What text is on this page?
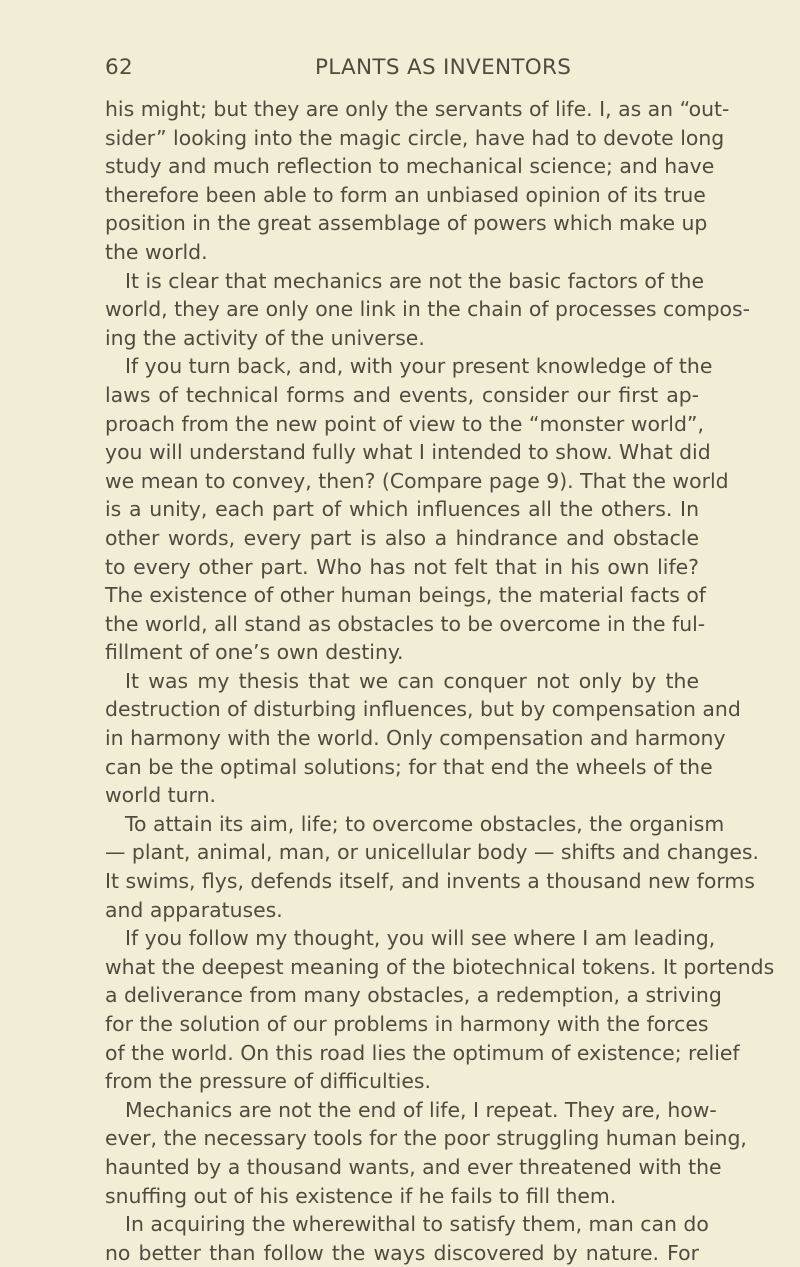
62	PLANTS AS INVENTORS
his might; but they are only the servants of life. I, as an “out-
sider” looking into the magic circle, have had to devote long
study and much reflection to mechanical science; and have
therefore been able to form an unbiased opinion of its true
position in the great assemblage of powers which make up
the world.
It is clear that mechanics are not the basic factors of the
world, they are only one link in the chain of processes compos-
ing the activity of the universe.
If you turn back, and, with your present knowledge of the
laws of technical forms and events, consider our first ap-
proach from the new point of view to the “monster world”,
you will understand fully what I intended to show. What did
we mean to convey, then? (Compare page 9). That the world
is a unity, each part of which influences all the others. In
other words, every part is also a hindrance and obstacle
to every other part. Who has not felt that in his own life?
The existence of other human beings, the material facts of
the world, all stand as obstacles to be overcome in the ful-
fillment of one’s own destiny.
It was my thesis that we can conquer not only by the
destruction of disturbing influences, but by compensation and
in harmony with the world. Only compensation and harmony
can be the optimal solutions; for that end the wheels of the
world turn.
To attain its aim, life; to overcome obstacles, the organism
— plant, animal, man, or unicellular body — shifts and changes.
It swims, flys, defends itself, and invents a thousand new forms
and apparatuses.
If you follow my thought, you will see where I am leading,
what the deepest meaning of the biotechnical tokens. It portends
a deliverance from many obstacles, a redemption, a striving
for the solution of our problems in harmony with the forces
of the world. On this road lies the optimum of existence; relief
from the pressure of difficulties.
Mechanics are not the end of life, I repeat. They are, how-
ever, the necessary tools for the poor struggling human being,
haunted by a thousand wants, and ever threatened with the
snuffing out of his existence if he fails to fill them.
In acquiring the wherewithal to satisfy them, man can do
no better than follow the ways discovered by nature. For
